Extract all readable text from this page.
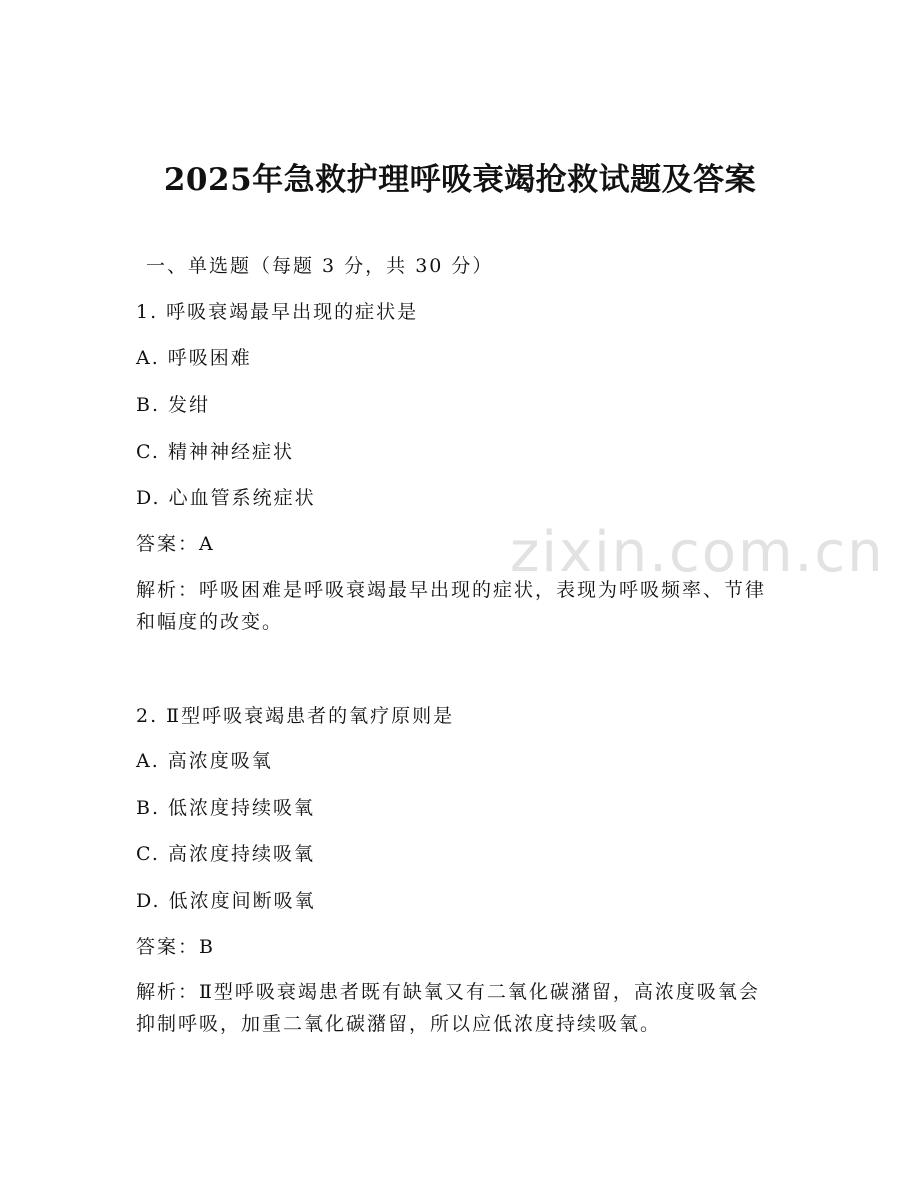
zixin.com.cn
2025年急救护理呼吸衰竭抢救试题及答案

一、单选题（每题 3 分，共 30 分）

1. 呼吸衰竭最早出现的症状是

A. 呼吸困难

B. 发绀

C. 精神神经症状

D. 心血管系统症状

答案：A

解析：呼吸困难是呼吸衰竭最早出现的症状，表现为呼吸频率、节律和幅度的改变。

2. Ⅱ型呼吸衰竭患者的氧疗原则是

A. 高浓度吸氧

B. 低浓度持续吸氧

C. 高浓度持续吸氧

D. 低浓度间断吸氧

答案：B

解析：Ⅱ型呼吸衰竭患者既有缺氧又有二氧化碳潴留，高浓度吸氧会抑制呼吸，加重二氧化碳潴留，所以应低浓度持续吸氧。
